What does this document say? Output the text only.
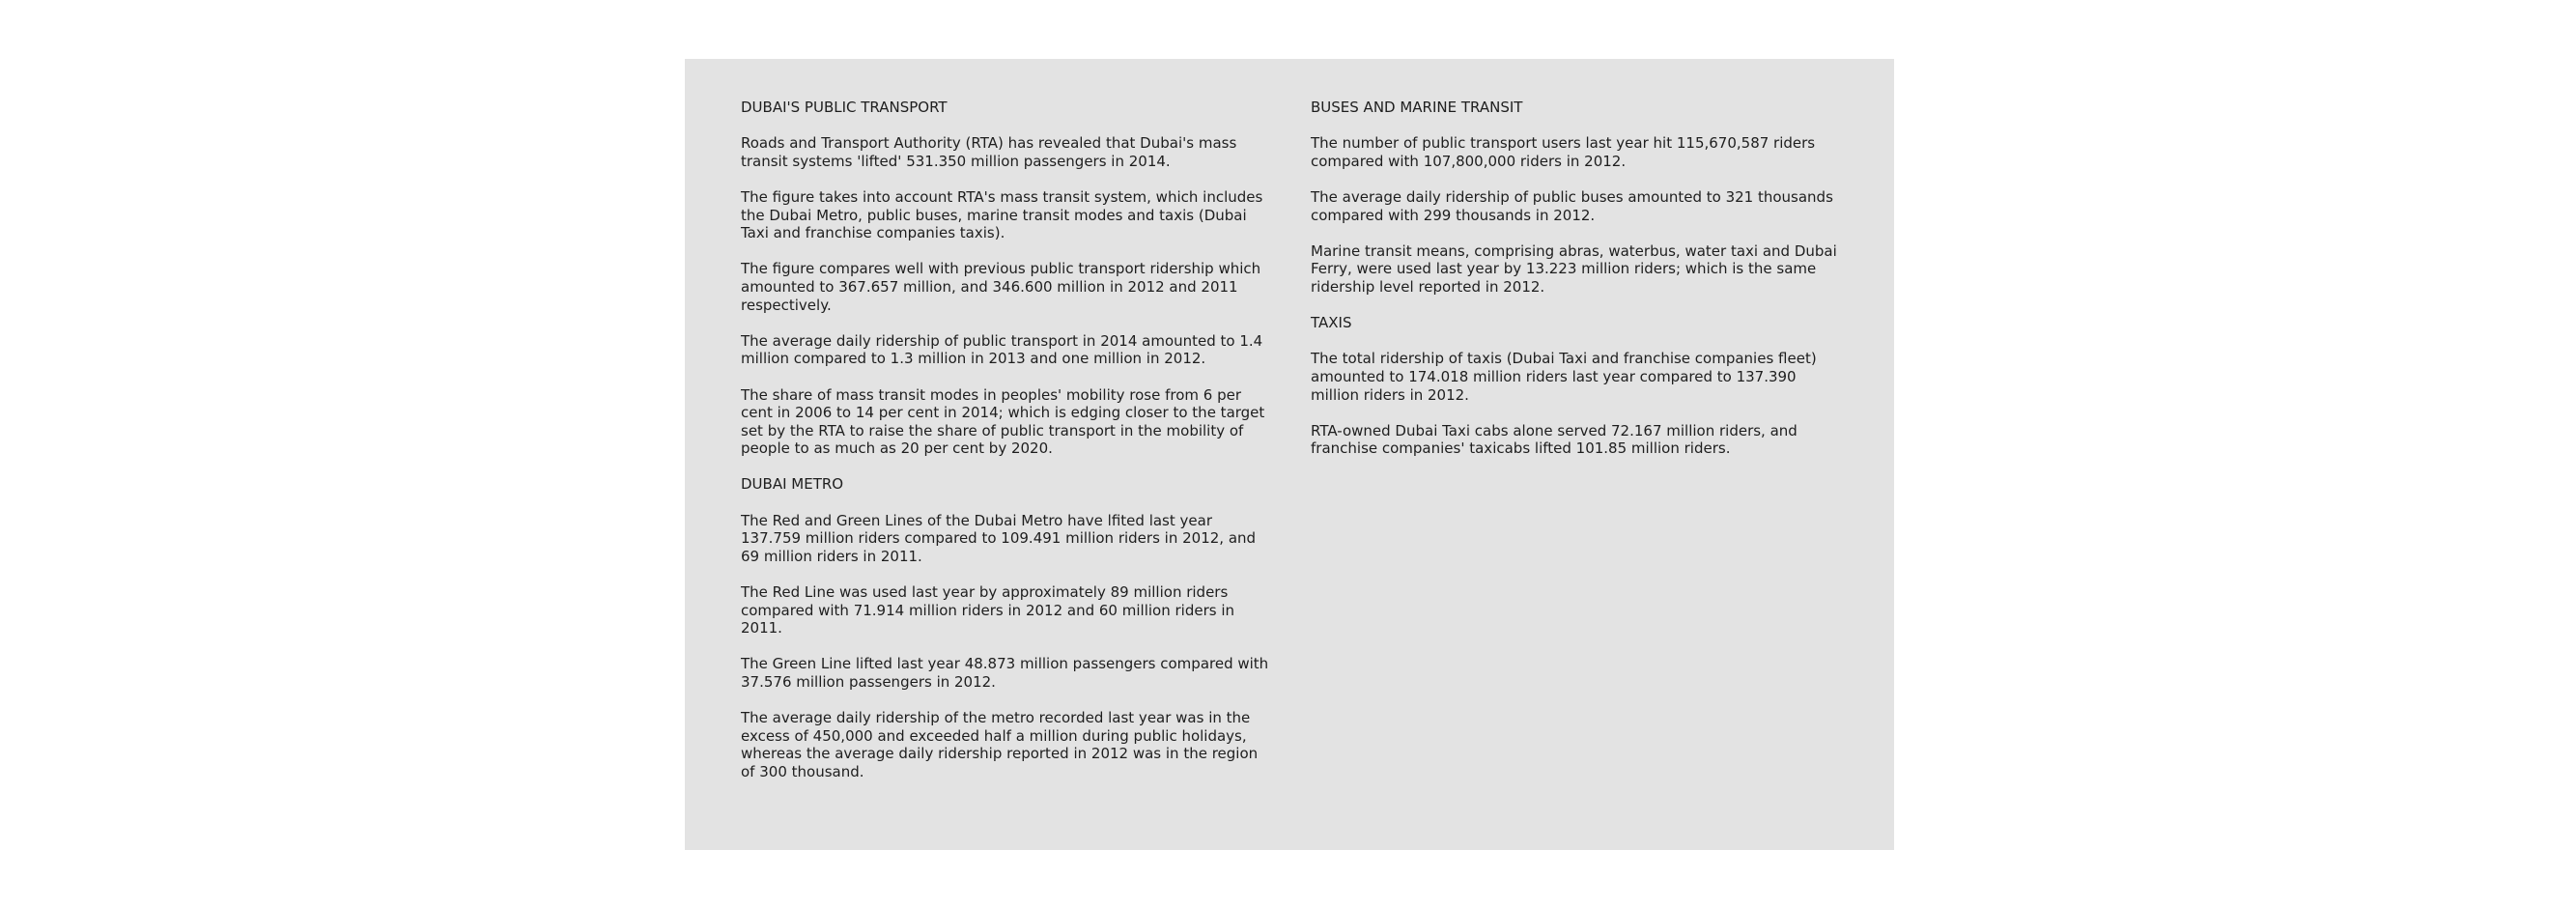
DUBAI'S PUBLIC TRANSPORT

Roads and Transport Authority (RTA) has revealed that Dubai's mass transit systems 'lifted' 531.350 million passengers in 2014.

The figure takes into account RTA's mass transit system, which includes the Dubai Metro, public buses, marine transit modes and taxis (Dubai Taxi and franchise companies taxis).

The figure compares well with previous public transport ridership which amounted to 367.657 million, and 346.600 million in 2012 and 2011 respectively.

The average daily ridership of public transport in 2014 amounted to 1.4 million compared to 1.3 million in 2013 and one million in 2012.

The share of mass transit modes in peoples' mobility rose from 6 per cent in 2006 to 14 per cent in 2014; which is edging closer to the target set by the RTA to raise the share of public transport in the mobility of people to as much as 20 per cent by 2020.

DUBAI METRO

The Red and Green Lines of the Dubai Metro have lfited last year 137.759 million riders compared to 109.491 million riders in 2012, and 69 million riders in 2011.

The Red Line was used last year by approximately 89 million riders compared with 71.914 million riders in 2012 and 60 million riders in 2011.

The Green Line lifted last year 48.873 million passengers compared with 37.576 million passengers in 2012.

The average daily ridership of the metro recorded last year was in the excess of 450,000 and exceeded half a million during public holidays, whereas the average daily ridership reported in 2012 was in the region of 300 thousand.

BUSES AND MARINE TRANSIT

The number of public transport users last year hit 115,670,587 riders compared with 107,800,000 riders in 2012.

The average daily ridership of public buses amounted to 321 thousands compared with 299 thousands in 2012.

Marine transit means, comprising abras, waterbus, water taxi and Dubai Ferry, were used last year by 13.223 million riders; which is the same ridership level reported in 2012.

TAXIS

The total ridership of taxis (Dubai Taxi and franchise companies fleet) amounted to 174.018 million riders last year compared to 137.390 million riders in 2012.

RTA-owned Dubai Taxi cabs alone served 72.167 million riders, and franchise companies' taxicabs lifted 101.85 million riders.
